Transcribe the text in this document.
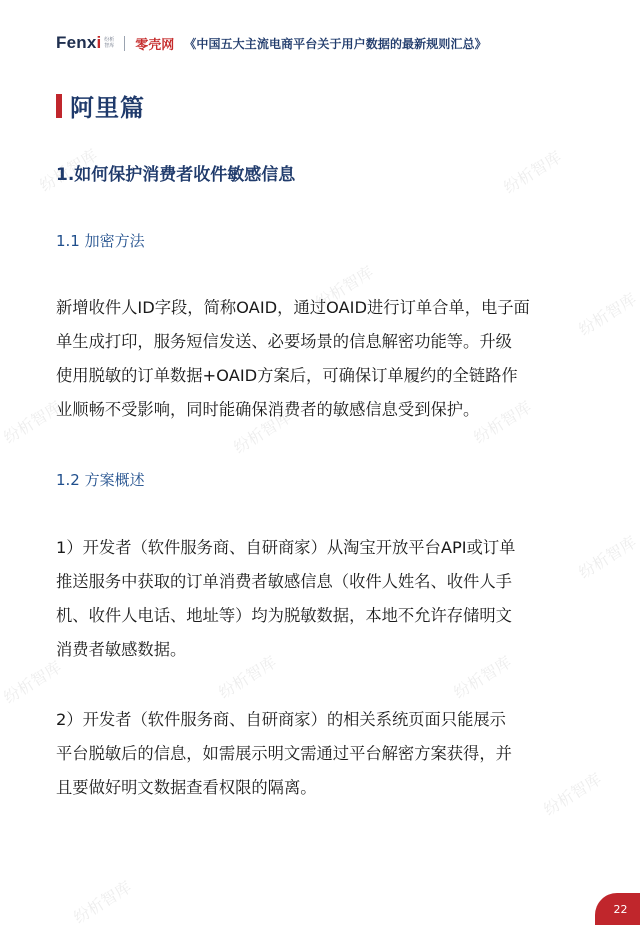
纷析智库	纷析智库
纷析智库
纷析智库
纷析智库	纷析智库	纷析智库
纷析智库
纷析智库	纷析智库	纷析智库
纷析智库
纷析智库
Fenx i 纷析
智库 零壳网 《中国五大主流电商平台关于用户数据的最新规则汇总》
阿里篇
1.如何保护消费者收件敏感信息
1.1 加密方法
新增收件人ID字段，简称OAID，通过OAID进行订单合单，电子面
单生成打印，服务短信发送、必要场景的信息解密功能等。升级
使用脱敏的订单数据+OAID方案后，可确保订单履约的全链路作
业顺畅不受影响，同时能确保消费者的敏感信息受到保护。
1.2 方案概述
1）开发者（软件服务商、自研商家）从淘宝开放平台API或订单
推送服务中获取的订单消费者敏感信息（收件人姓名、收件人手
机、收件人电话、地址等）均为脱敏数据，本地不允许存储明文
消费者敏感数据。
2）开发者（软件服务商、自研商家）的相关系统页面只能展示
平台脱敏后的信息，如需展示明文需通过平台解密方案获得，并
且要做好明文数据查看权限的隔离。
22
